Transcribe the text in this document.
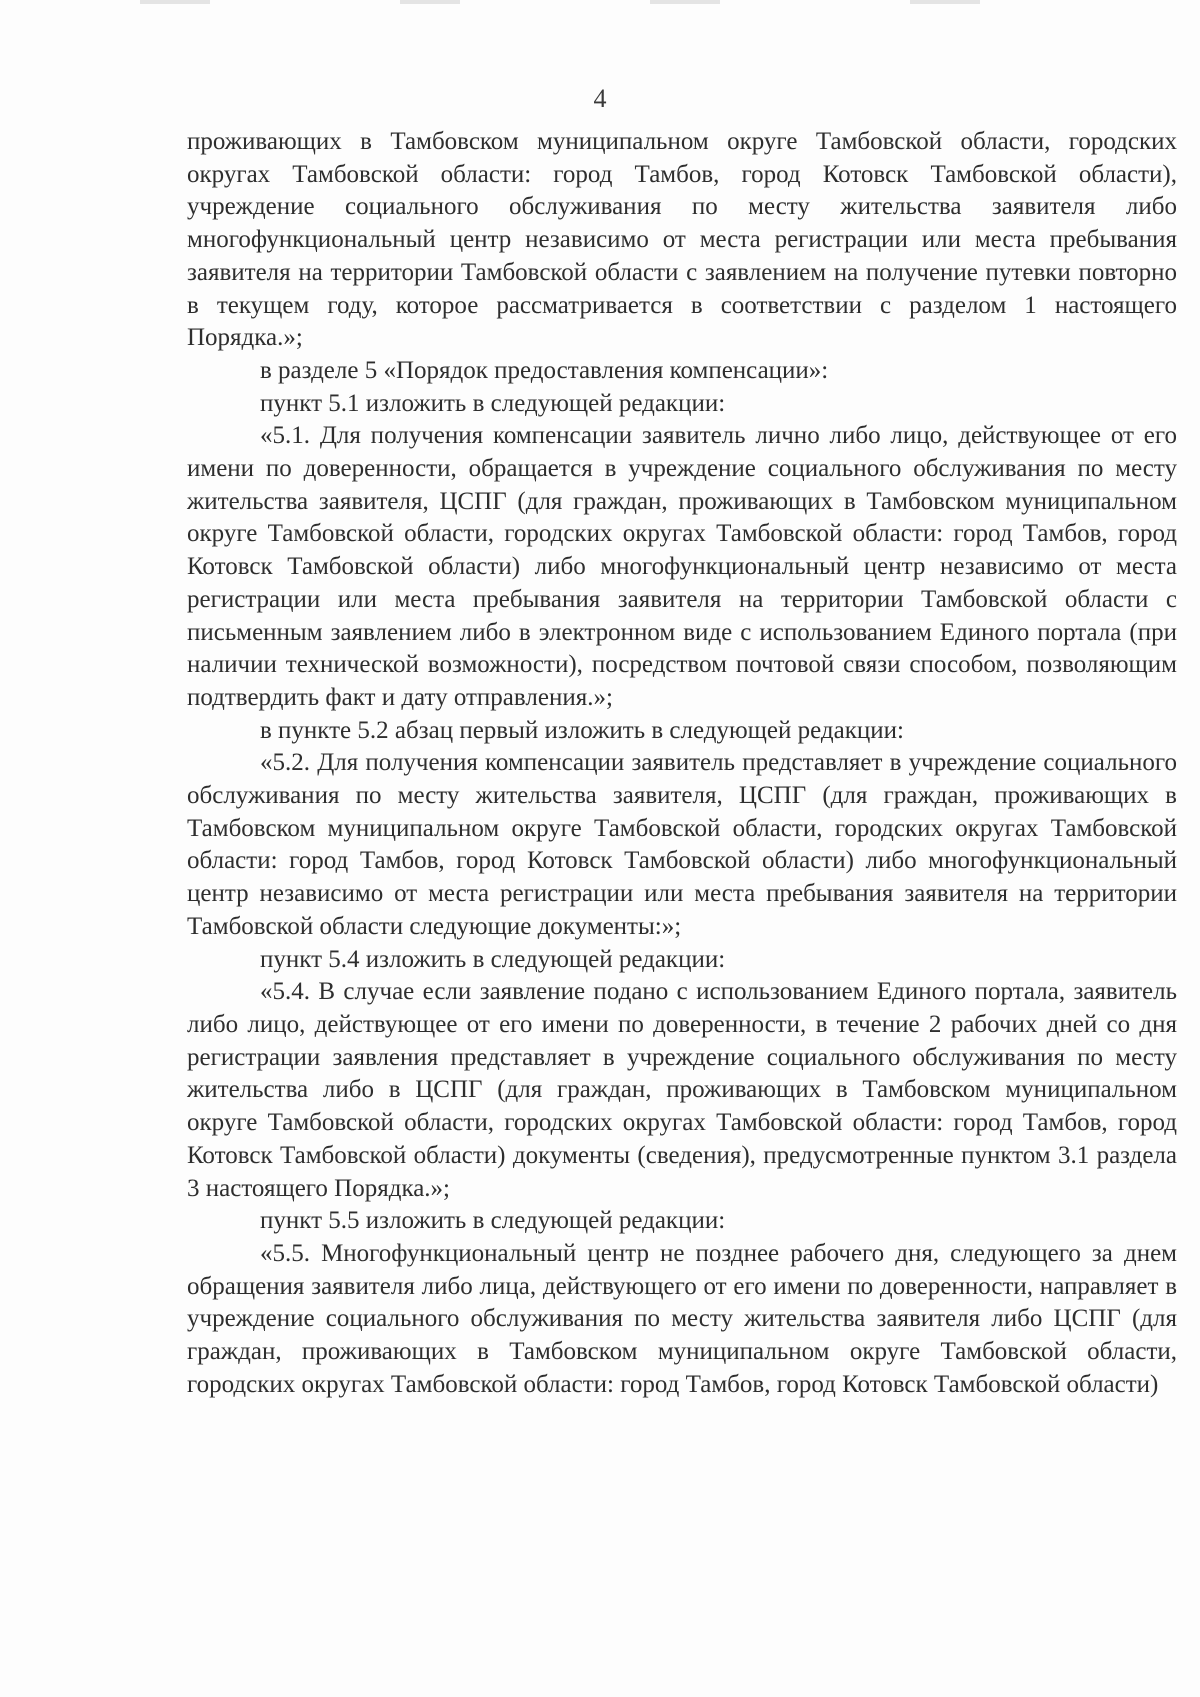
4

проживающих в Тамбовском муниципальном округе Тамбовской области, городских округах Тамбовской области: город Тамбов, город Котовск Тамбовской области), учреждение социального обслуживания по месту жительства заявителя либо многофункциональный центр независимо от места регистрации или места пребывания заявителя на территории Тамбовской области с заявлением на получение путевки повторно в текущем году, которое рассматривается в соответствии с разделом 1 настоящего Порядка.»;

в разделе 5 «Порядок предоставления компенсации»:

пункт 5.1 изложить в следующей редакции:

«5.1. Для получения компенсации заявитель лично либо лицо, действующее от его имени по доверенности, обращается в учреждение социального обслуживания по месту жительства заявителя, ЦСПГ (для граждан, проживающих в Тамбовском муниципальном округе Тамбовской области, городских округах Тамбовской области: город Тамбов, город Котовск Тамбовской области) либо многофункциональный центр независимо от места регистрации или места пребывания заявителя на территории Тамбовской области с письменным заявлением либо в электронном виде с использованием Единого портала (при наличии технической возможности), посредством почтовой связи способом, позволяющим подтвердить факт и дату отправления.»;

в пункте 5.2 абзац первый изложить в следующей редакции:

«5.2. Для получения компенсации заявитель представляет в учреждение социального обслуживания по месту жительства заявителя, ЦСПГ (для граждан, проживающих в Тамбовском муниципальном округе Тамбовской области, городских округах Тамбовской области: город Тамбов, город Котовск Тамбовской области) либо многофункциональный центр независимо от места регистрации или места пребывания заявителя на территории Тамбовской области следующие документы:»;

пункт 5.4 изложить в следующей редакции:

«5.4. В случае если заявление подано с использованием Единого портала, заявитель либо лицо, действующее от его имени по доверенности, в течение 2 рабочих дней со дня регистрации заявления представляет в учреждение социального обслуживания по месту жительства либо в ЦСПГ (для граждан, проживающих в Тамбовском муниципальном округе Тамбовской области, городских округах Тамбовской области: город Тамбов, город Котовск Тамбовской области) документы (сведения), предусмотренные пунктом 3.1 раздела 3 настоящего Порядка.»;

пункт 5.5 изложить в следующей редакции:

«5.5. Многофункциональный центр не позднее рабочего дня, следующего за днем обращения заявителя либо лица, действующего от его имени по доверенности, направляет в учреждение социального обслуживания по месту жительства заявителя либо ЦСПГ (для граждан, проживающих в Тамбовском муниципальном округе Тамбовской области, городских округах Тамбовской области: город Тамбов, город Котовск Тамбовской области)
